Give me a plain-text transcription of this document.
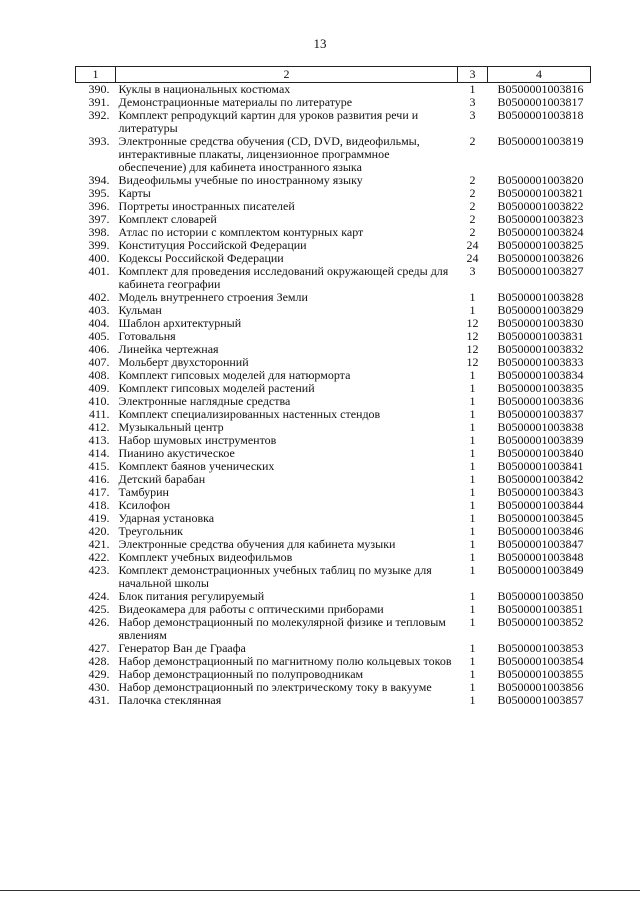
13
1	2	3	4
390.	Куклы в национальных костюмах	1	B0500001003816
391.	Демонстрационные материалы по литературе	3	B0500001003817
392.	Комплект репродукций картин для уроков развития речи и литературы	3	B0500001003818
393.	Электронные средства обучения (CD, DVD, видеофильмы, интерактивные плакаты, лицензионное программное обеспечение) для кабинета иностранного языка	2	B0500001003819
394.	Видеофильмы учебные по иностранному языку	2	B0500001003820
395.	Карты	2	B0500001003821
396.	Портреты иностранных писателей	2	B0500001003822
397.	Комплект словарей	2	B0500001003823
398.	Атлас по истории с комплектом контурных карт	2	B0500001003824
399.	Конституция Российской Федерации	24	B0500001003825
400.	Кодексы Российской Федерации	24	B0500001003826
401.	Комплект для проведения исследований окружающей среды для кабинета географии	3	B0500001003827
402.	Модель внутреннего строения Земли	1	B0500001003828
403.	Кульман	1	B0500001003829
404.	Шаблон архитектурный	12	B0500001003830
405.	Готовальня	12	B0500001003831
406.	Линейка чертежная	12	B0500001003832
407.	Мольберт двухсторонний	12	B0500001003833
408.	Комплект гипсовых моделей для натюрморта	1	B0500001003834
409.	Комплект гипсовых моделей растений	1	B0500001003835
410.	Электронные наглядные средства	1	B0500001003836
411.	Комплект специализированных настенных стендов	1	B0500001003837
412.	Музыкальный центр	1	B0500001003838
413.	Набор шумовых инструментов	1	B0500001003839
414.	Пианино акустическое	1	B0500001003840
415.	Комплект баянов ученических	1	B0500001003841
416.	Детский барабан	1	B0500001003842
417.	Тамбурин	1	B0500001003843
418.	Ксилофон	1	B0500001003844
419.	Ударная установка	1	B0500001003845
420.	Треугольник	1	B0500001003846
421.	Электронные средства обучения для кабинета музыки	1	B0500001003847
422.	Комплект учебных видеофильмов	1	B0500001003848
423.	Комплект демонстрационных учебных таблиц по музыке для начальной школы	1	B0500001003849
424.	Блок питания регулируемый	1	B0500001003850
425.	Видеокамера для работы с оптическими приборами	1	B0500001003851
426.	Набор демонстрационный по молекулярной физике и тепловым явлениям	1	B0500001003852
427.	Генератор Ван де Граафа	1	B0500001003853
428.	Набор демонстрационный по магнитному полю кольцевых токов	1	B0500001003854
429.	Набор демонстрационный по полупроводникам	1	B0500001003855
430.	Набор демонстрационный по электрическому току в вакууме	1	B0500001003856
431.	Палочка стеклянная	1	B0500001003857
